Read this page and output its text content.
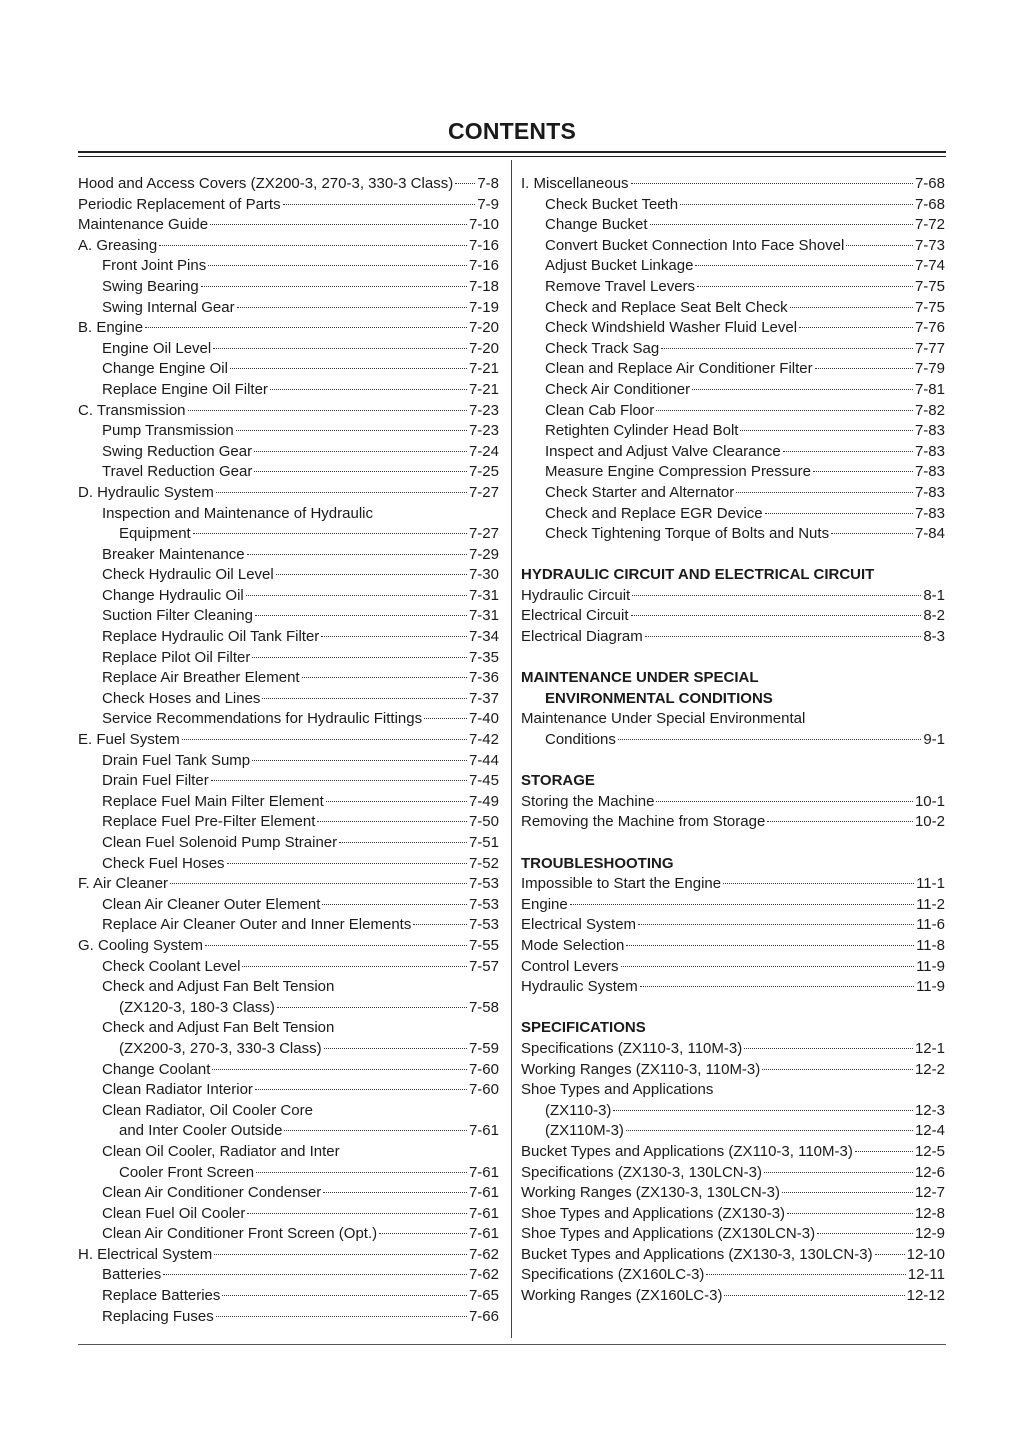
CONTENTS
Hood and Access Covers (ZX200-3, 270-3, 330-3 Class) 7-8
Periodic Replacement of Parts	7-9
Maintenance Guide	7-10
A. Greasing	7-16
Front Joint Pins	7-16
Swing Bearing	7-18
Swing Internal Gear	7-19
B. Engine	7-20
Engine Oil Level	7-20
Change Engine Oil	7-21
Replace Engine Oil Filter	7-21
C. Transmission	7-23
Pump Transmission	7-23
Swing Reduction Gear	7-24
Travel Reduction Gear	7-25
D. Hydraulic System	7-27
Inspection and Maintenance of Hydraulic
Equipment	7-27
Breaker Maintenance	7-29
Check Hydraulic Oil Level	7-30
Change Hydraulic Oil	7-31
Suction Filter Cleaning	7-31
Replace Hydraulic Oil Tank Filter	7-34
Replace Pilot Oil Filter	7-35
Replace Air Breather Element	7-36
Check Hoses and Lines	7-37
Service Recommendations for Hydraulic Fittings	7-40
E. Fuel System	7-42
Drain Fuel Tank Sump	7-44
Drain Fuel Filter	7-45
Replace Fuel Main Filter Element	7-49
Replace Fuel Pre-Filter Element	7-50
Clean Fuel Solenoid Pump Strainer	7-51
Check Fuel Hoses	7-52
F. Air Cleaner	7-53
Clean Air Cleaner Outer Element	7-53
Replace Air Cleaner Outer and Inner Elements	7-53
G. Cooling System	7-55
Check Coolant Level	7-57
Check and Adjust Fan Belt Tension
(ZX120-3, 180-3 Class)	7-58
Check and Adjust Fan Belt Tension
(ZX200-3, 270-3, 330-3 Class)	7-59
Change Coolant	7-60
Clean Radiator Interior	7-60
Clean Radiator, Oil Cooler Core
and Inter Cooler Outside	7-61
Clean Oil Cooler, Radiator and Inter
Cooler Front Screen	7-61
Clean Air Conditioner Condenser	7-61
Clean Fuel Oil Cooler	7-61
Clean Air Conditioner Front Screen (Opt.)	7-61
H. Electrical System	7-62
Batteries	7-62
Replace Batteries	7-65
Replacing Fuses	7-66
I. Miscellaneous	7-68
Check Bucket Teeth	7-68
Change Bucket	7-72
Convert Bucket Connection Into Face Shovel	7-73
Adjust Bucket Linkage	7-74
Remove Travel Levers	7-75
Check and Replace Seat Belt Check	7-75
Check Windshield Washer Fluid Level	7-76
Check Track Sag	7-77
Clean and Replace Air Conditioner Filter	7-79
Check Air Conditioner	7-81
Clean Cab Floor	7-82
Retighten Cylinder Head Bolt	7-83
Inspect and Adjust Valve Clearance	7-83
Measure Engine Compression Pressure	7-83
Check Starter and Alternator	7-83
Check and Replace EGR Device	7-83
Check Tightening Torque of Bolts and Nuts	7-84
HYDRAULIC CIRCUIT AND ELECTRICAL CIRCUIT
Hydraulic Circuit	8-1
Electrical Circuit	8-2
Electrical Diagram	8-3
MAINTENANCE UNDER SPECIAL
ENVIRONMENTAL CONDITIONS
Maintenance Under Special Environmental
Conditions	9-1
STORAGE
Storing the Machine	10-1
Removing the Machine from Storage	10-2
TROUBLESHOOTING
Impossible to Start the Engine	11-1
Engine	11-2
Electrical System	11-6
Mode Selection	11-8
Control Levers	11-9
Hydraulic System	11-9
SPECIFICATIONS
Specifications (ZX110-3, 110M-3)	12-1
Working Ranges (ZX110-3, 110M-3)	12-2
Shoe Types and Applications
(ZX110-3)	12-3
(ZX110M-3)	12-4
Bucket Types and Applications (ZX110-3, 110M-3)	12-5
Specifications (ZX130-3, 130LCN-3)	12-6
Working Ranges (ZX130-3, 130LCN-3)	12-7
Shoe Types and Applications (ZX130-3)	12-8
Shoe Types and Applications (ZX130LCN-3)	12-9
Bucket Types and Applications (ZX130-3, 130LCN-3) 12-10
Specifications (ZX160LC-3)	12-11
Working Ranges (ZX160LC-3)	12-12
